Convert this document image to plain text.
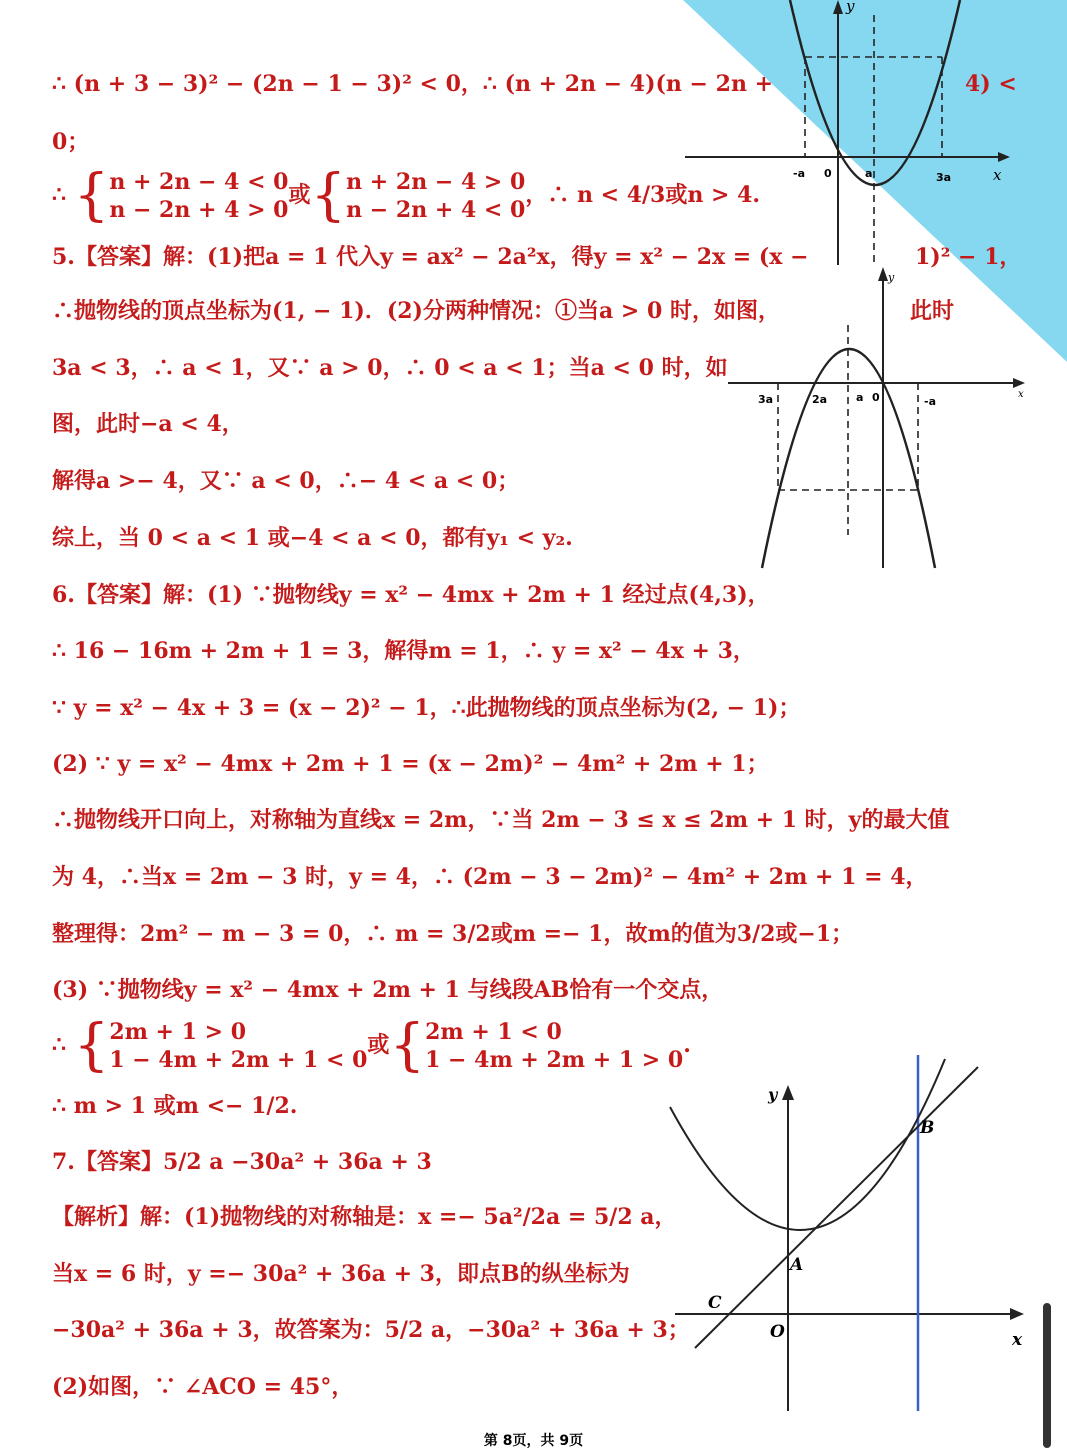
y
x
-a 0	a	3a
y
x
3a	2a	a 0	-a
y
x
A
B
C
O
∴ (n + 3 − 3)² − (2n − 1 − 3)² < 0，∴ (n + 2n − 4)(n − 2n +	4) <
0；
∴ { n + 2n − 4 < 0
n − 2n + 4 > 0
或{ n + 2n − 4 > 0
n − 2n + 4 < 0
，∴ n < 4/3或n > 4.
5.【答案】解：(1)把a = 1 代入y = ax² − 2a²x，得y = x² − 2x = (x −	1)² − 1，
∴抛物线的顶点坐标为(1, − 1)．(2)分两种情况：①当a > 0 时，如图，	此时
3a < 3，∴ a < 1，又∵ a > 0，∴ 0 < a < 1；当a < 0 时，如
图，此时−a < 4，
解得a >− 4，又∵ a < 0，∴− 4 < a < 0；
综上，当 0 < a < 1 或−4 < a < 0，都有y₁ < y₂.
6.【答案】解：(1) ∵抛物线y = x² − 4mx + 2m + 1 经过点(4,3)，
∴ 16 − 16m + 2m + 1 = 3，解得m = 1，∴ y = x² − 4x + 3，
∵ y = x² − 4x + 3 = (x − 2)² − 1，∴此抛物线的顶点坐标为(2, − 1)；
(2) ∵ y = x² − 4mx + 2m + 1 = (x − 2m)² − 4m² + 2m + 1；
∴抛物线开口向上，对称轴为直线x = 2m，∵当 2m − 3 ≤ x ≤ 2m + 1 时，y的最大值
为 4，∴当x = 2m − 3 时，y = 4，∴ (2m − 3 − 2m)² − 4m² + 2m + 1 = 4，
整理得：2m² − m − 3 = 0，∴ m = 3/2或m =− 1，故m的值为3/2或−1；
(3) ∵抛物线y = x² − 4mx + 2m + 1 与线段AB恰有一个交点，
∴ { 2m + 1 > 0
1 − 4m + 2m + 1 < 0
或{ 2m + 1 < 0
1 − 4m + 2m + 1 > 0
.
∴ m > 1 或m <− 1/2.
7.【答案】5/2 a −30a² + 36a + 3
【解析】解：(1)抛物线的对称轴是：x =− 5a²/2a = 5/2 a，
当x = 6 时，y =− 30a² + 36a + 3，即点B的纵坐标为
−30a² + 36a + 3，故答案为：5/2 a，−30a² + 36a + 3；
(2)如图，∵ ∠ACO = 45°，
第 8页，共 9页
